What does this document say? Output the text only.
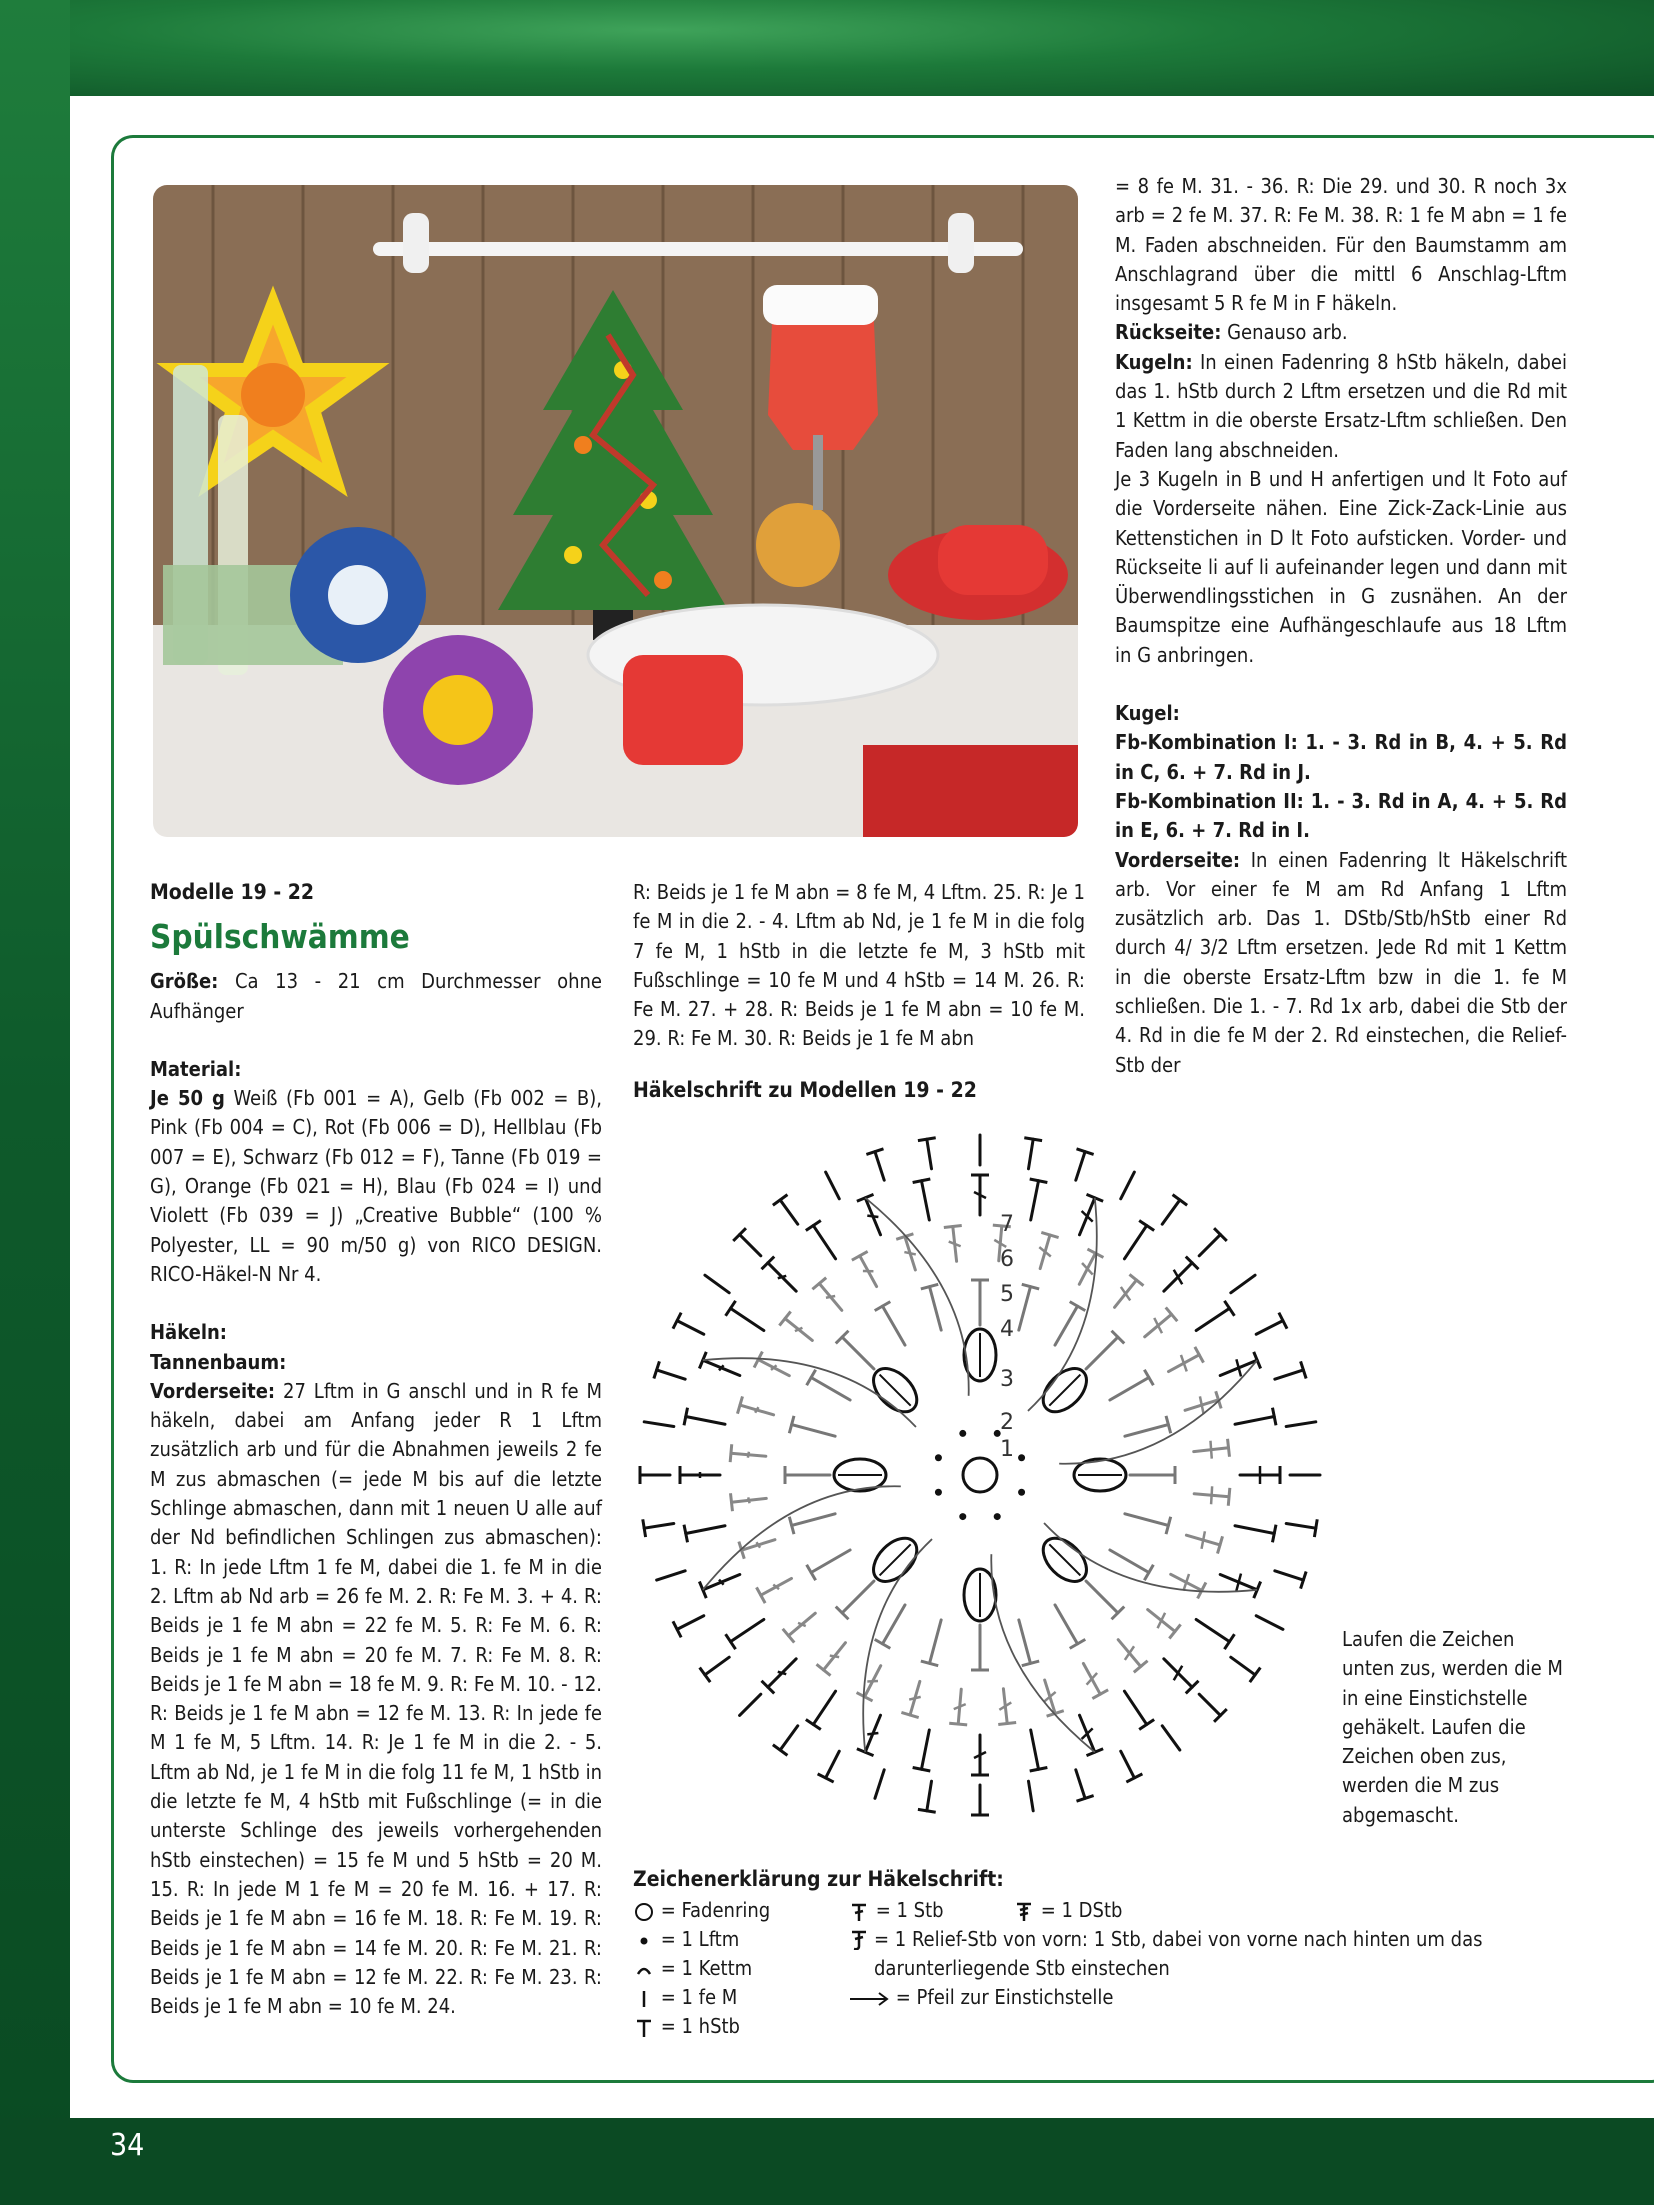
34

= 8 fe M. 31. - 36. R: Die 29. und 30. R noch 3x arb = 2 fe M. 37. R: Fe M. 38. R: 1 fe M abn = 1 fe M. Faden abschneiden. Für den Baumstamm am Anschlagrand über die mittl 6 Anschlag-Lftm insgesamt 5 R fe M in F häkeln.

Rückseite: Genauso arb.

Kugeln: In einen Fadenring 8 hStb häkeln, dabei das 1. hStb durch 2 Lftm ersetzen und die Rd mit 1 Kettm in die oberste Ersatz-Lftm schließen. Den Faden lang abschneiden.

Je 3 Kugeln in B und H anfertigen und lt Foto auf die Vorderseite nähen. Eine Zick-Zack-Linie aus Kettenstichen in D lt Foto aufsticken. Vorder- und Rückseite li auf li aufeinander legen und dann mit Überwendlingsstichen in G zusnähen. An der Baumspitze eine Aufhängeschlaufe aus 18 Lftm in G anbringen.

Kugel:

Fb-Kombination I: 1. - 3. Rd in B, 4. + 5. Rd in C, 6. + 7. Rd in J.

Fb-Kombination II: 1. - 3. Rd in A, 4. + 5. Rd in E, 6. + 7. Rd in I.

Vorderseite: In einen Fadenring lt Häkelschrift arb. Vor einer fe M am Rd Anfang 1 Lftm zusätzlich arb. Das 1. DStb/Stb/hStb einer Rd durch 4/ 3/2 Lftm ersetzen. Jede Rd mit 1 Kettm in die oberste Ersatz-Lftm bzw in die 1. fe M schließen. Die 1. - 7. Rd 1x arb, dabei die Stb der 4. Rd in die fe M der 2. Rd einstechen, die Relief-Stb der

Modelle 19 - 22

Spülschwämme

Größe: Ca 13 - 21 cm Durchmesser ohne Aufhänger

Material:

Je 50 g Weiß (Fb 001 = A), Gelb (Fb 002 = B), Pink (Fb 004 = C), Rot (Fb 006 = D), Hellblau (Fb 007 = E), Schwarz (Fb 012 = F), Tanne (Fb 019 = G), Orange (Fb 021 = H), Blau (Fb 024 = I) und Violett (Fb 039 = J) „Creative Bubble“ (100 % Polyester, LL = 90 m/50 g) von RICO DESIGN. RICO-Häkel-N Nr 4.

Häkeln:

Tannenbaum:

Vorderseite: 27 Lftm in G anschl und in R fe M häkeln, dabei am Anfang jeder R 1 Lftm zusätzlich arb und für die Abnahmen jeweils 2 fe M zus abmaschen (= jede M bis auf die letzte Schlinge abmaschen, dann mit 1 neuen U alle auf der Nd befindlichen Schlingen zus abmaschen): 1. R: In jede Lftm 1 fe M, dabei die 1. fe M in die 2. Lftm ab Nd arb = 26 fe M. 2. R: Fe M. 3. + 4. R: Beids je 1 fe M abn = 22 fe M. 5. R: Fe M. 6. R: Beids je 1 fe M abn = 20 fe M. 7. R: Fe M. 8. R: Beids je 1 fe M abn = 18 fe M. 9. R: Fe M. 10. - 12. R: Beids je 1 fe M abn = 12 fe M. 13. R: In jede fe M 1 fe M, 5 Lftm. 14. R: Je 1 fe M in die 2. - 5. Lftm ab Nd, je 1 fe M in die folg 11 fe M, 1 hStb in die letzte fe M, 4 hStb mit Fußschlinge (= in die unterste Schlinge des jeweils vorhergehenden hStb einstechen) = 15 fe M und 5 hStb = 20 M. 15. R: In jede M 1 fe M = 20 fe M. 16. + 17. R: Beids je 1 fe M abn = 16 fe M. 18. R: Fe M. 19. R: Beids je 1 fe M abn = 14 fe M. 20. R: Fe M. 21. R: Beids je 1 fe M abn = 12 fe M. 22. R: Fe M. 23. R: Beids je 1 fe M abn = 10 fe M. 24.

R: Beids je 1 fe M abn = 8 fe M, 4 Lftm. 25. R: Je 1 fe M in die 2. - 4. Lftm ab Nd, je 1 fe M in die folg 7 fe M, 1 hStb in die letzte fe M, 3 hStb mit Fußschlinge = 10 fe M und 4 hStb = 14 M. 26. R: Fe M. 27. + 28. R: Beids je 1 fe M abn = 10 fe M. 29. R: Fe M. 30. R: Beids je 1 fe M abn

Häkelschrift zu Modellen 19 - 22
1
2
3
4
5
6
7
Laufen die Zeichen unten zus, werden die M in eine Einstichstelle gehäkelt. Laufen die Zeichen oben zus, werden die M zus abgemascht.
Zeichenerklärung zur Häkelschrift:
= Fadenring
= 1 Lftm
= 1 Kettm
= 1 fe M
= 1 hStb
= 1 Stb	= 1 DStb
= 1 Relief-Stb von vorn: 1 Stb, dabei von vorne nach hinten um das darunterliegende Stb einstechen
= Pfeil zur Einstichstelle
